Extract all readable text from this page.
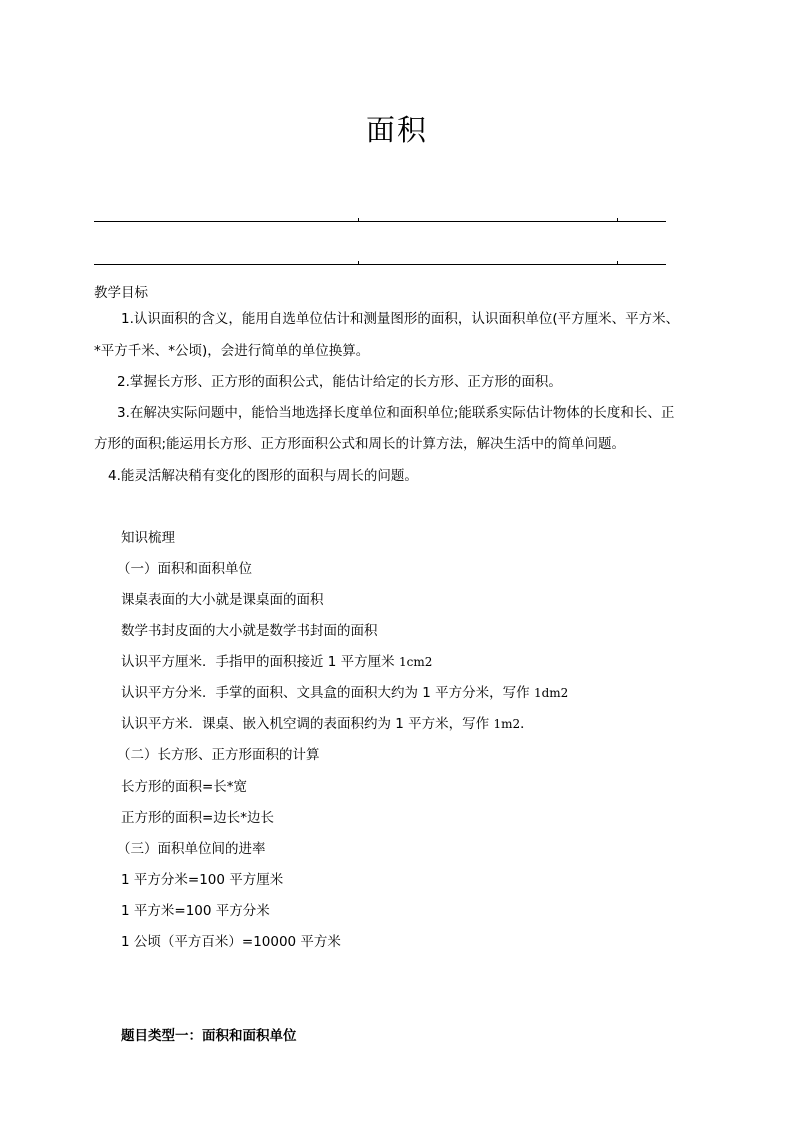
面积
教学目标
1.认识面积的含义，能用自选单位估计和测量图形的面积，认识面积单位(平方厘米、平方米、
*平方千米、*公顷)，会进行简单的单位换算。
2.掌握长方形、正方形的面积公式，能估计给定的长方形、正方形的面积。
3.在解决实际问题中，能恰当地选择长度单位和面积单位;能联系实际估计物体的长度和长、正
方形的面积;能运用长方形、正方形面积公式和周长的计算方法，解决生活中的简单问题。
4.能灵活解决稍有变化的图形的面积与周长的问题。
知识梳理
（一）面积和面积单位
课桌表面的大小就是课桌面的面积
数学书封皮面的大小就是数学书封面的面积
认识平方厘米．手指甲的面积接近 1 平方厘米 1cm2
认识平方分米．手掌的面积、文具盒的面积大约为 1 平方分米，写作 1dm2
认识平方米．课桌、嵌入机空调的表面积约为 1 平方米，写作 1m2．
（二）长方形、正方形面积的计算
长方形的面积=长*宽
正方形的面积=边长*边长
（三）面积单位间的进率
1 平方分米=100 平方厘米
1 平方米=100 平方分米
1 公顷（平方百米）=10000 平方米
题目类型一：面积和面积单位
